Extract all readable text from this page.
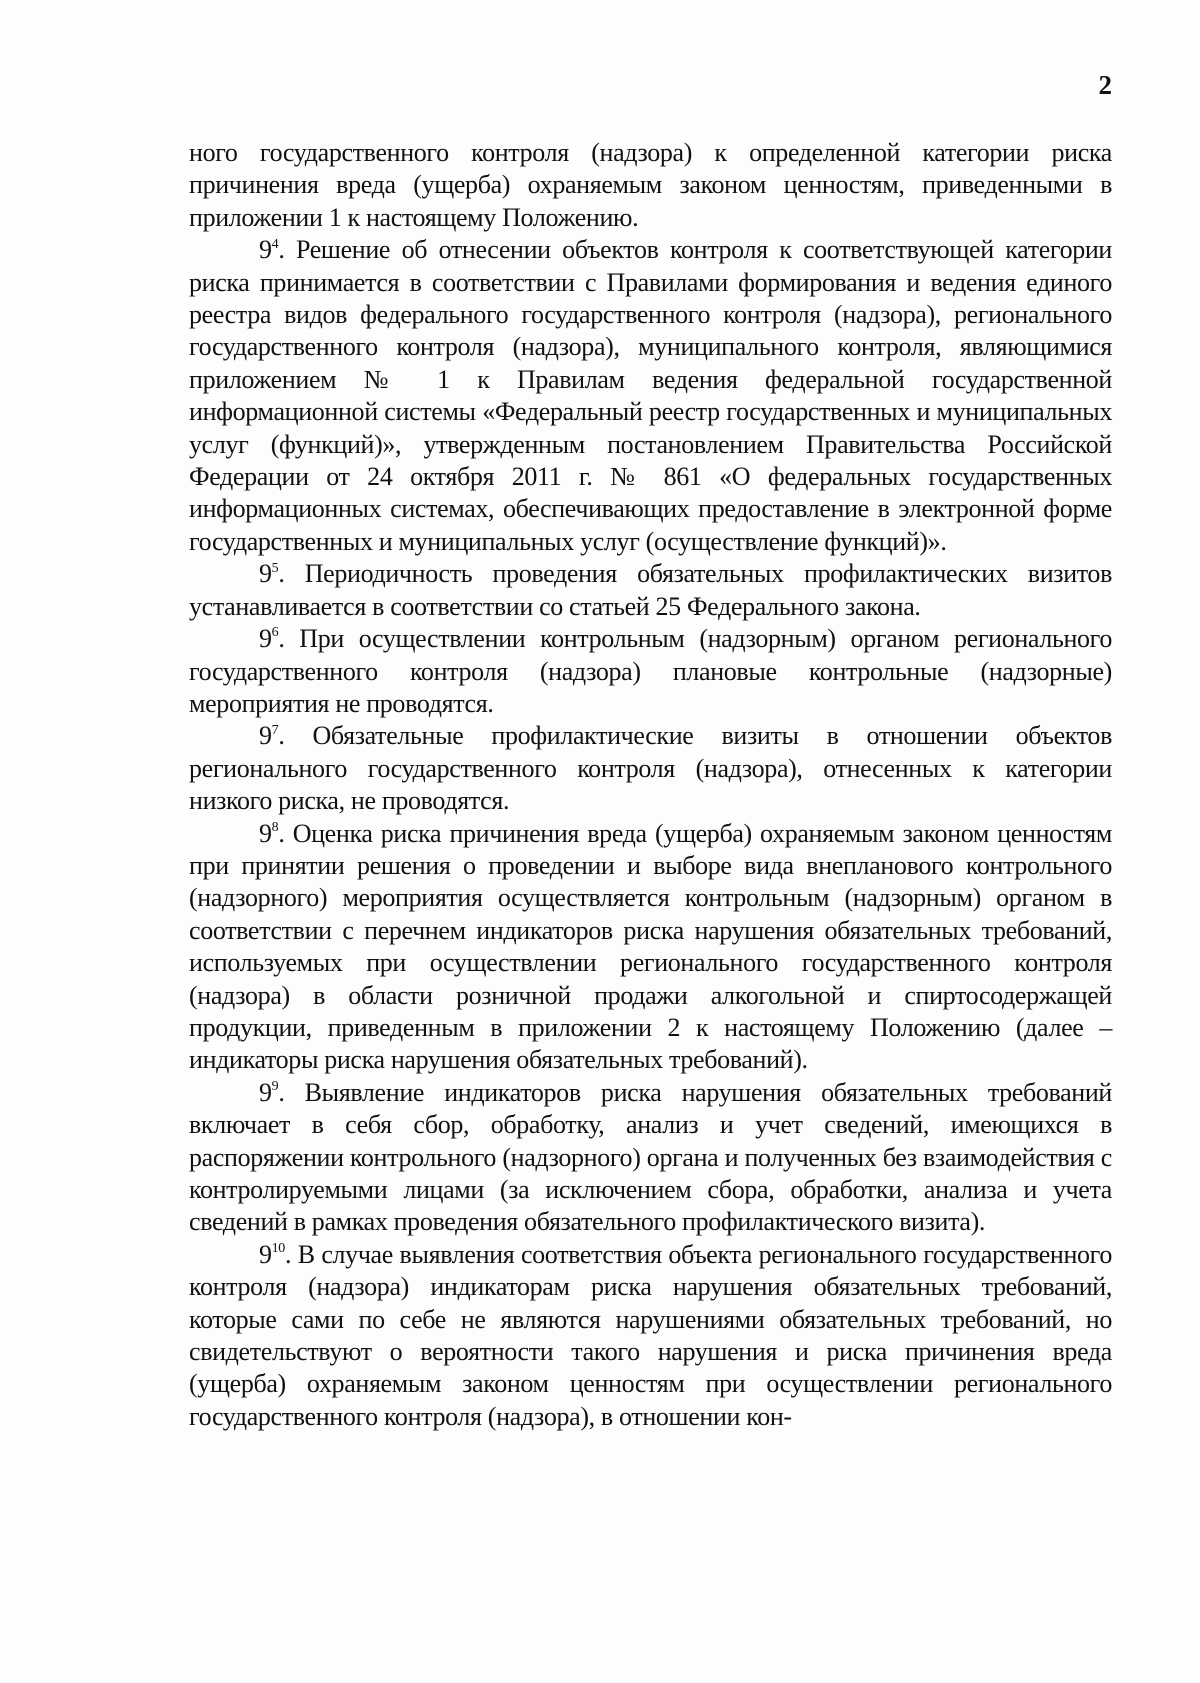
2

ного государственного контроля (надзора) к определенной категории риска причинения вреда (ущерба) охраняемым законом ценностям, приведенными в приложении 1 к настоящему Положению.

$9^4$. Решение об отнесении объектов контроля к соответствующей категории риска принимается в соответствии с Правилами формирования и ведения единого реестра видов федерального государственного контроля (надзора), регионального государственного контроля (надзора), муниципального контроля, являющимися приложением № 1 к Правилам ведения федеральной государственной информационной системы «Федеральный реестр государственных и муниципальных услуг (функций)», утвержденным постановлением Правительства Российской Федерации от 24 октября 2011 г. № 861 «О федеральных государственных информационных системах, обеспечивающих предоставление в электронной форме государственных и муниципальных услуг (осуществление функций)».

$9^5$. Периодичность проведения обязательных профилактических визитов устанавливается в соответствии со статьей 25 Федерального закона.

$9^6$. При осуществлении контрольным (надзорным) органом регионального государственного контроля (надзора) плановые контрольные (надзорные) мероприятия не проводятся.

$9^7$. Обязательные профилактические визиты в отношении объектов регионального государственного контроля (надзора), отнесенных к категории низкого риска, не проводятся.

$9^8$. Оценка риска причинения вреда (ущерба) охраняемым законом ценностям при принятии решения о проведении и выборе вида внепланового контрольного (надзорного) мероприятия осуществляется контрольным (надзорным) органом в соответствии с перечнем индикаторов риска нарушения обязательных требований, используемых при осуществлении регионального государственного контроля (надзора) в области розничной продажи алкогольной и спиртосодержащей продукции, приведенным в приложении 2 к настоящему Положению (далее – индикаторы риска нарушения обязательных требований).

$9^9$. Выявление индикаторов риска нарушения обязательных требований включает в себя сбор, обработку, анализ и учет сведений, имеющихся в распоряжении контрольного (надзорного) органа и полученных без взаимодействия с контролируемыми лицами (за исключением сбора, обработки, анализа и учета сведений в рамках проведения обязательного профилактического визита).

$9^{10}$. В случае выявления соответствия объекта регионального государственного контроля (надзора) индикаторам риска нарушения обязательных требований, которые сами по себе не являются нарушениями обязательных требований, но свидетельствуют о вероятности такого нарушения и риска причинения вреда (ущерба) охраняемым законом ценностям при осуществлении регионального государственного контроля (надзора), в отношении кон-
